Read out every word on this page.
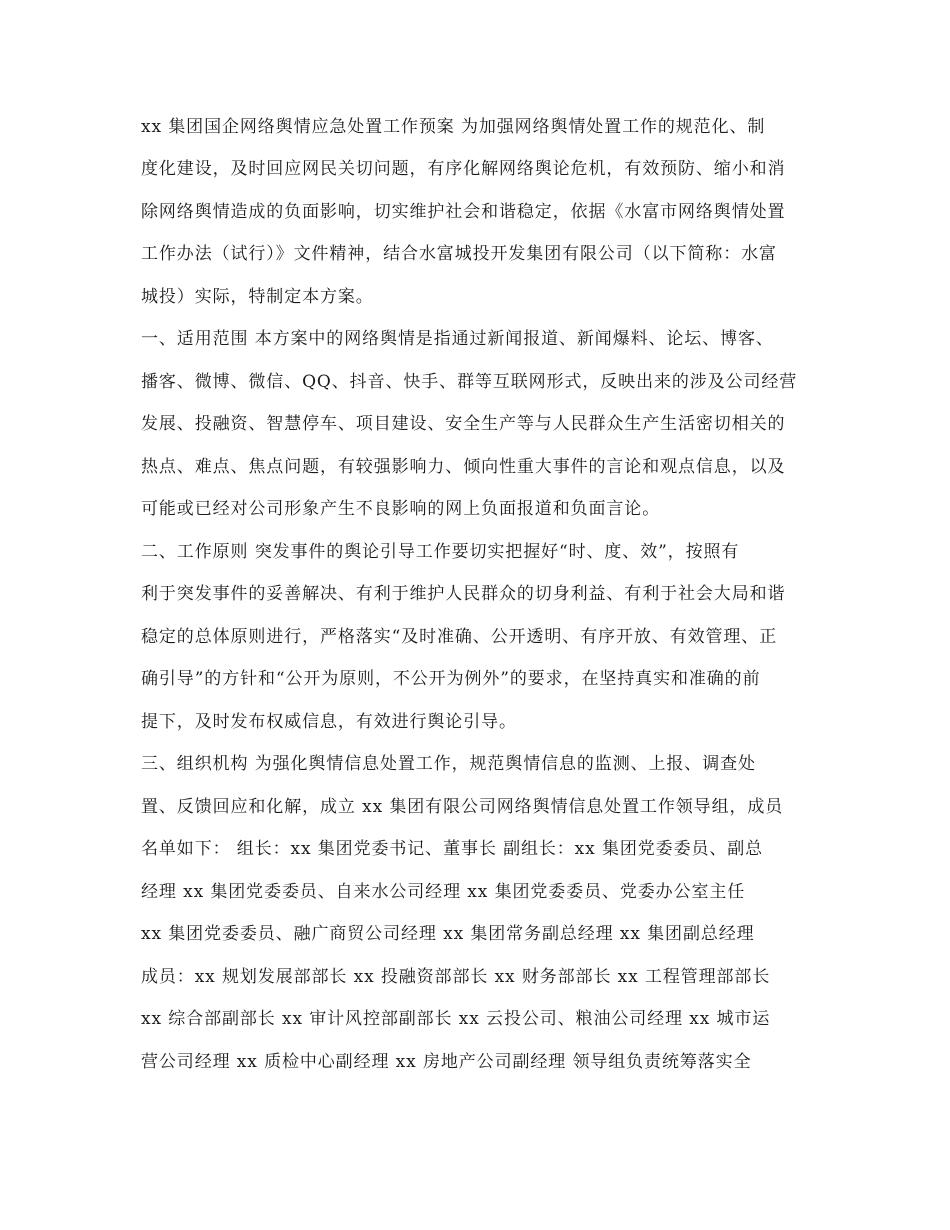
xx 集团国企网络舆情应急处置工作预案 为加强网络舆情处置工作的规范化、制
度化建设，及时回应网民关切问题，有序化解网络舆论危机，有效预防、缩小和消
除网络舆情造成的负面影响，切实维护社会和谐稳定，依据《水富市网络舆情处置
工作办法（试行）》文件精神，结合水富城投开发集团有限公司（以下简称：水富
城投）实际，特制定本方案。
一、适用范围 本方案中的网络舆情是指通过新闻报道、新闻爆料、论坛、博客、
播客、微博、微信、QQ、抖音、快手、群等互联网形式，反映出来的涉及公司经营
发展、投融资、智慧停车、项目建设、安全生产等与人民群众生产生活密切相关的
热点、难点、焦点问题，有较强影响力、倾向性重大事件的言论和观点信息，以及
可能或已经对公司形象产生不良影响的网上负面报道和负面言论。
二、工作原则 突发事件的舆论引导工作要切实把握好“时、度、效”，按照有
利于突发事件的妥善解决、有利于维护人民群众的切身利益、有利于社会大局和谐
稳定的总体原则进行，严格落实“及时准确、公开透明、有序开放、有效管理、正
确引导”的方针和“公开为原则，不公开为例外”的要求，在坚持真实和准确的前
提下，及时发布权威信息，有效进行舆论引导。
三、组织机构 为强化舆情信息处置工作，规范舆情信息的监测、上报、调查处
置、反馈回应和化解，成立 xx 集团有限公司网络舆情信息处置工作领导组，成员
名单如下： 组长：xx 集团党委书记、董事长 副组长：xx 集团党委委员、副总
经理 xx 集团党委委员、自来水公司经理 xx 集团党委委员、党委办公室主任
xx 集团党委委员、融广商贸公司经理 xx 集团常务副总经理 xx 集团副总经理
成员：xx 规划发展部部长 xx 投融资部部长 xx 财务部部长 xx 工程管理部部长
xx 综合部副部长 xx 审计风控部副部长 xx 云投公司、粮油公司经理 xx 城市运
营公司经理 xx 质检中心副经理 xx 房地产公司副经理 领导组负责统筹落实全
